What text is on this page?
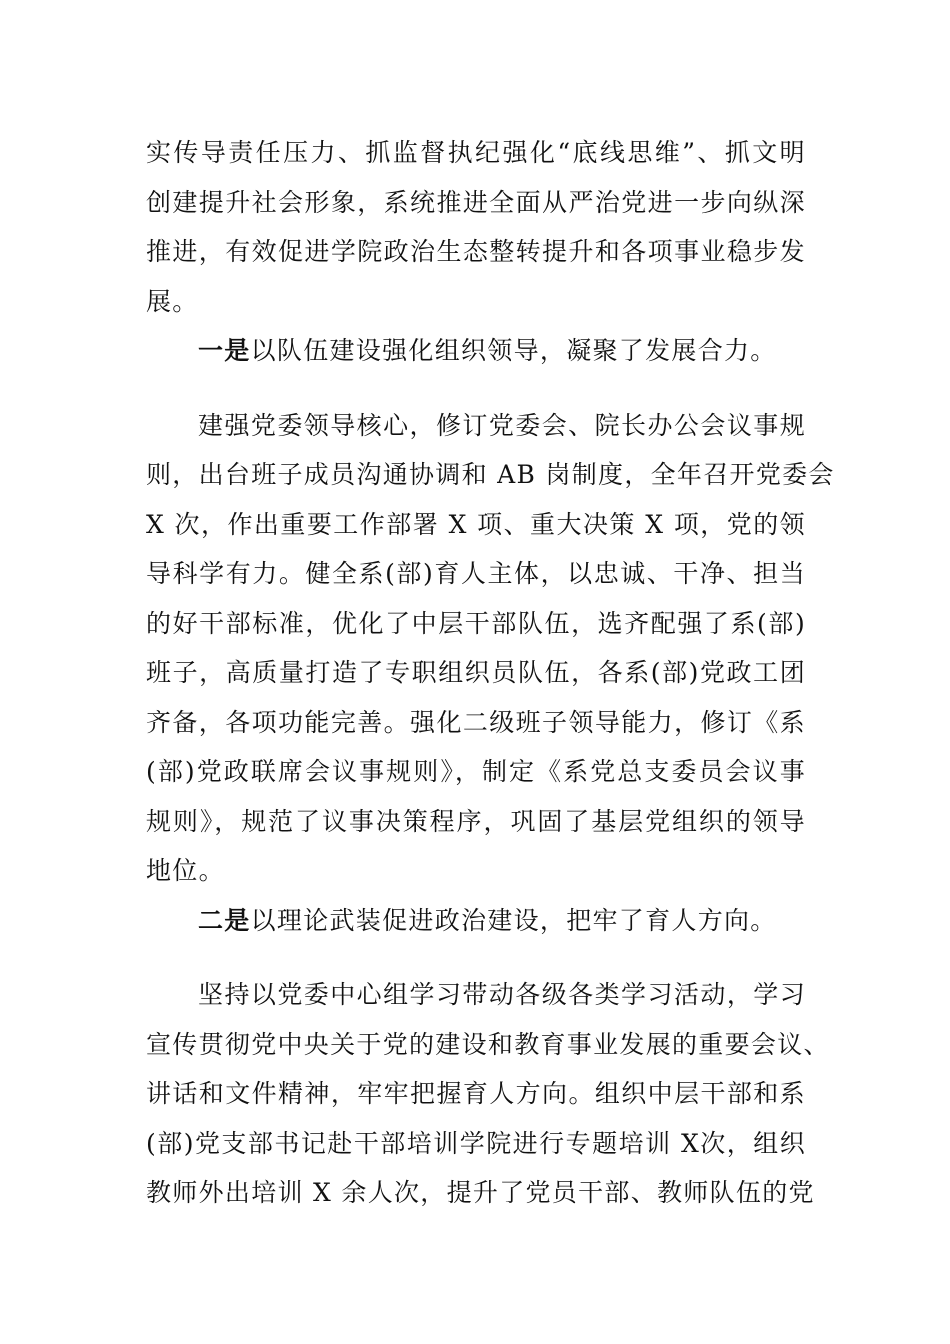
实传导责任压力、抓监督执纪强化“底线思维”、抓文明
创建提升社会形象，系统推进全面从严治党进一步向纵深
推进，有效促进学院政治生态整转提升和各项事业稳步发
展。

一是以队伍建设强化组织领导，凝聚了发展合力。

建强党委领导核心，修订党委会、院长办公会议事规
则，出台班子成员沟通协调和 AB 岗制度，全年召开党委会
X 次，作出重要工作部署 X 项、重大决策 X 项，党的领
导科学有力。健全系(部)育人主体，以忠诚、干净、担当
的好干部标准，优化了中层干部队伍，选齐配强了系(部)
班子，高质量打造了专职组织员队伍，各系(部)党政工团
齐备，各项功能完善。强化二级班子领导能力，修订《系
(部)党政联席会议事规则》，制定《系党总支委员会议事
规则》，规范了议事决策程序，巩固了基层党组织的领导
地位。

二是以理论武装促进政治建设，把牢了育人方向。

坚持以党委中心组学习带动各级各类学习活动，学习
宣传贯彻党中央关于党的建设和教育事业发展的重要会议、
讲话和文件精神，牢牢把握育人方向。组织中层干部和系
(部)党支部书记赴干部培训学院进行专题培训 X次，组织
教师外出培训 X 余人次，提升了党员干部、教师队伍的党
